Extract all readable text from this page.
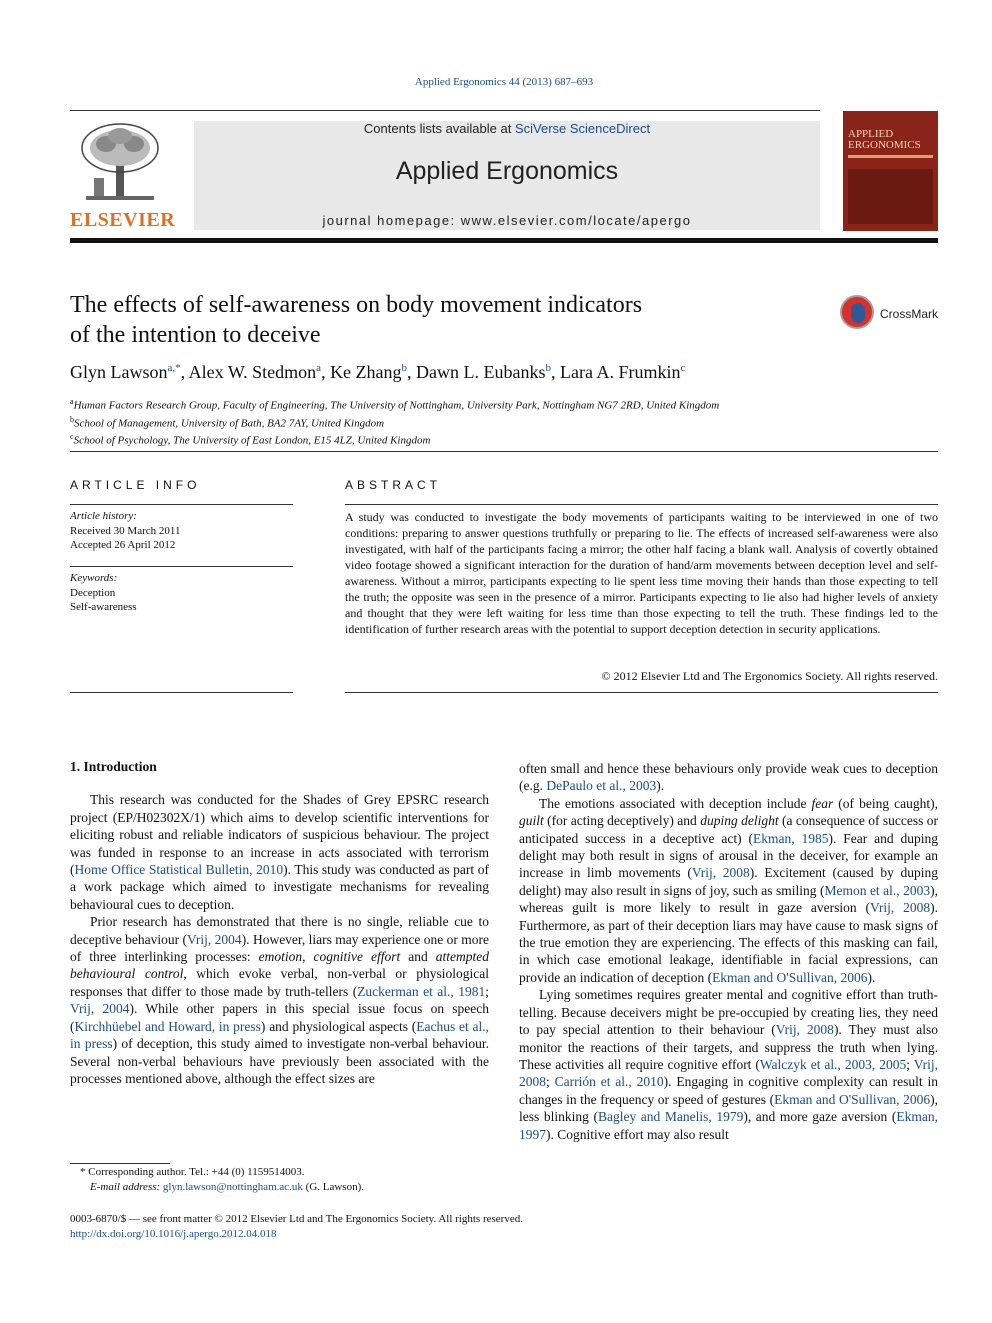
Applied Ergonomics 44 (2013) 687–693
ELSEVIER
Contents lists available at SciVerse ScienceDirect
Applied Ergonomics
journal homepage: www.elsevier.com/locate/apergo
APPLIED
ERGONOMICS
The effects of self-awareness on body movement indicators
of the intention to deceive
CrossMark
Glyn Lawson$^{a,*}$, Alex W. Stedmon$^a$, Ke Zhang$^b$, Dawn L. Eubanks$^b$, Lara A. Frumkin$^c$
$^a$Human Factors Research Group, Faculty of Engineering, The University of Nottingham, University Park, Nottingham NG7 2RD, United Kingdom
$^b$School of Management, University of Bath, BA2 7AY, United Kingdom
$^c$School of Psychology, The University of East London, E15 4LZ, United Kingdom
ARTICLE INFO
Article history:
Received 30 March 2011
Accepted 26 April 2012
Keywords:
Deception
Self-awareness
ABSTRACT
A study was conducted to investigate the body movements of participants waiting to be interviewed in one of two conditions: preparing to answer questions truthfully or preparing to lie. The effects of increased self-awareness were also investigated, with half of the participants facing a mirror; the other half facing a blank wall. Analysis of covertly obtained video footage showed a significant interaction for the duration of hand/arm movements between deception level and self-awareness. Without a mirror, participants expecting to lie spent less time moving their hands than those expecting to tell the truth; the opposite was seen in the presence of a mirror. Participants expecting to lie also had higher levels of anxiety and thought that they were left waiting for less time than those expecting to tell the truth. These findings led to the identification of further research areas with the potential to support deception detection in security applications.
© 2012 Elsevier Ltd and The Ergonomics Society. All rights reserved.
1. Introduction

This research was conducted for the Shades of Grey EPSRC research project (EP/H02302X/1) which aims to develop scientific interventions for eliciting robust and reliable indicators of suspicious behaviour. The project was funded in response to an increase in acts associated with terrorism (Home Office Statistical Bulletin, 2010). This study was conducted as part of a work package which aimed to investigate mechanisms for revealing behavioural cues to deception.

Prior research has demonstrated that there is no single, reliable cue to deceptive behaviour (Vrij, 2004). However, liars may experience one or more of three interlinking processes: emotion, cognitive effort and attempted behavioural control, which evoke verbal, non-verbal or physiological responses that differ to those made by truth-tellers (Zuckerman et al., 1981; Vrij, 2004). While other papers in this special issue focus on speech (Kirchhüebel and Howard, in press) and physiological aspects (Eachus et al., in press) of deception, this study aimed to investigate non-verbal behaviour. Several non-verbal behaviours have previously been associated with the processes mentioned above, although the effect sizes are

often small and hence these behaviours only provide weak cues to deception (e.g. DePaulo et al., 2003).

The emotions associated with deception include fear (of being caught), guilt (for acting deceptively) and duping delight (a consequence of success or anticipated success in a deceptive act) (Ekman, 1985). Fear and duping delight may both result in signs of arousal in the deceiver, for example an increase in limb movements (Vrij, 2008). Excitement (caused by duping delight) may also result in signs of joy, such as smiling (Memon et al., 2003), whereas guilt is more likely to result in gaze aversion (Vrij, 2008). Furthermore, as part of their deception liars may have cause to mask signs of the true emotion they are experiencing. The effects of this masking can fail, in which case emotional leakage, identifiable in facial expressions, can provide an indication of deception (Ekman and O'Sullivan, 2006).

Lying sometimes requires greater mental and cognitive effort than truth-telling. Because deceivers might be pre-occupied by creating lies, they need to pay special attention to their behaviour (Vrij, 2008). They must also monitor the reactions of their targets, and suppress the truth when lying. These activities all require cognitive effort (Walczyk et al., 2003, 2005; Vrij, 2008; Carrión et al., 2010). Engaging in cognitive complexity can result in changes in the frequency or speed of gestures (Ekman and O'Sullivan, 2006), less blinking (Bagley and Manelis, 1979), and more gaze aversion (Ekman, 1997). Cognitive effort may also result

* Corresponding author. Tel.: +44 (0) 1159514003.
E-mail address: glyn.lawson@nottingham.ac.uk (G. Lawson).
0003-6870/$ — see front matter © 2012 Elsevier Ltd and The Ergonomics Society. All rights reserved.
http://dx.doi.org/10.1016/j.apergo.2012.04.018
